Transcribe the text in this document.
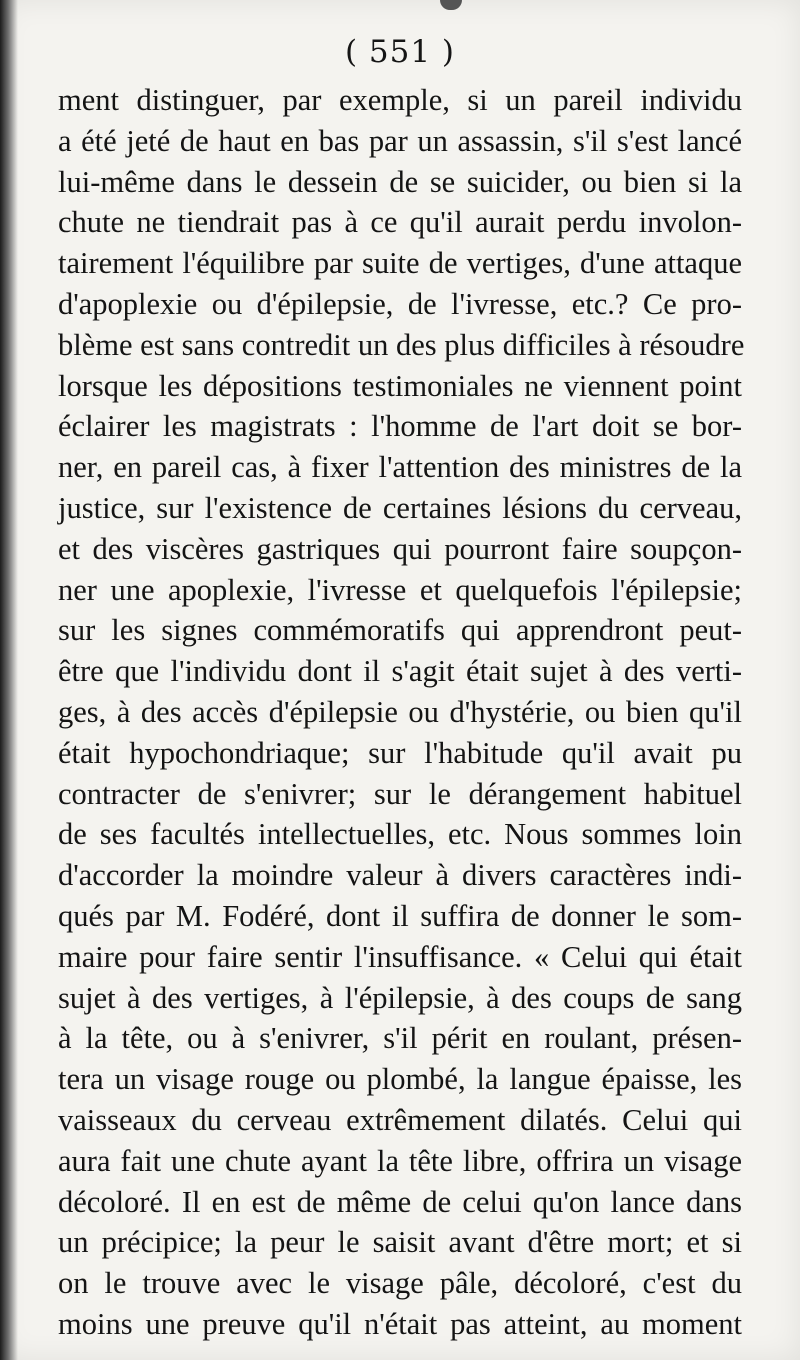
( 551 )
ment distinguer, par exemple, si un pareil individu
a été jeté de haut en bas par un assassin, s'il s'est lancé
lui-même dans le dessein de se suicider, ou bien si la
chute ne tiendrait pas à ce qu'il aurait perdu involon-
tairement l'équilibre par suite de vertiges, d'une attaque
d'apoplexie ou d'épilepsie, de l'ivresse, etc.? Ce pro-
blème est sans contredit un des plus difficiles à résoudre
lorsque les dépositions testimoniales ne viennent point
éclairer les magistrats : l'homme de l'art doit se bor-
ner, en pareil cas, à fixer l'attention des ministres de la
justice, sur l'existence de certaines lésions du cerveau,
et des viscères gastriques qui pourront faire soupçon-
ner une apoplexie, l'ivresse et quelquefois l'épilepsie;
sur les signes commémoratifs qui apprendront peut-
être que l'individu dont il s'agit était sujet à des verti-
ges, à des accès d'épilepsie ou d'hystérie, ou bien qu'il
était hypochondriaque; sur l'habitude qu'il avait pu
contracter de s'enivrer; sur le dérangement habituel
de ses facultés intellectuelles, etc. Nous sommes loin
d'accorder la moindre valeur à divers caractères indi-
qués par M. Fodéré, dont il suffira de donner le som-
maire pour faire sentir l'insuffisance. « Celui qui était
sujet à des vertiges, à l'épilepsie, à des coups de sang
à la tête, ou à s'enivrer, s'il périt en roulant, présen-
tera un visage rouge ou plombé, la langue épaisse, les
vaisseaux du cerveau extrêmement dilatés. Celui qui
aura fait une chute ayant la tête libre, offrira un visage
décoloré. Il en est de même de celui qu'on lance dans
un précipice; la peur le saisit avant d'être mort; et si
on le trouve avec le visage pâle, décoloré, c'est du
moins une preuve qu'il n'était pas atteint, au moment
